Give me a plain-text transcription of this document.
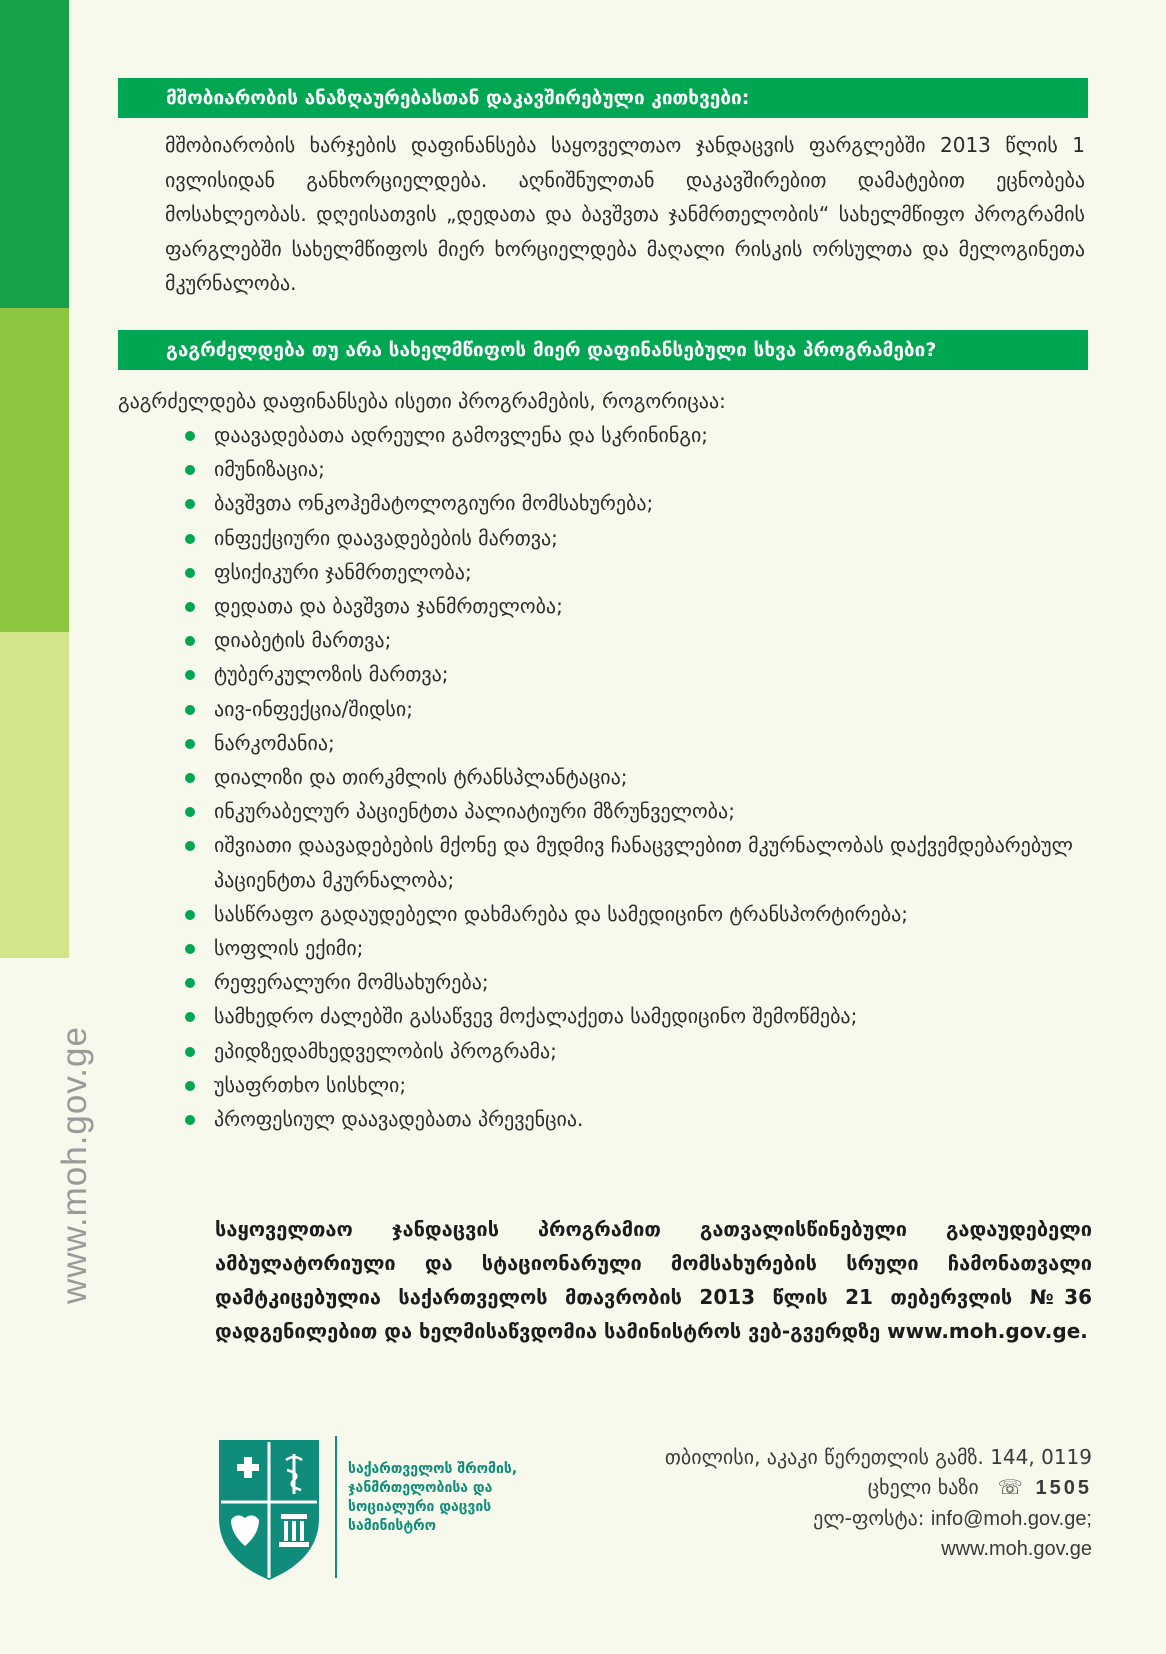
www.moh.gov.ge
მშობიარობის ანაზღაურებასთან დაკავშირებული კითხვები:
მშობიარობის ხარჯების დაფინანსება საყოველთაო ჯანდაცვის ფარგლებში 2013 წლის 1 ივლისიდან განხორციელდება. აღნიშნულთან დაკავშირებით დამატებით ეცნობება მოსახლეობას. დღეისათვის „დედათა და ბავშვთა ჯანმრთელობის“ სახელმწიფო პროგრამის ფარგლებში სახელმწიფოს მიერ ხორციელდება მაღალი რისკის ორსულთა და მელოგინეთა მკურნალობა.
გაგრძელდება თუ არა სახელმწიფოს მიერ დაფინანსებული სხვა პროგრამები?
გაგრძელდება დაფინანსება ისეთი პროგრამების, როგორიცაა:
დაავადებათა ადრეული გამოვლენა და სკრინინგი;
იმუნიზაცია;
ბავშვთა ონკოჰემატოლოგიური მომსახურება;
ინფექციური დაავადებების მართვა;
ფსიქიკური ჯანმრთელობა;
დედათა და ბავშვთა ჯანმრთელობა;
დიაბეტის მართვა;
ტუბერკულოზის მართვა;
აივ-ინფექცია/შიდსი;
ნარკომანია;
დიალიზი და თირკმლის ტრანსპლანტაცია;
ინკურაბელურ პაციენტთა პალიატიური მზრუნველობა;
იშვიათი დაავადებების მქონე და მუდმივ ჩანაცვლებით მკურნალობას დაქვემდებარებულ პაციენტთა მკურნალობა;
სასწრაფო გადაუდებელი დახმარება და სამედიცინო ტრანსპორტირება;
სოფლის ექიმი;
რეფერალური მომსახურება;
სამხედრო ძალებში გასაწვევ მოქალაქეთა სამედიცინო შემოწმება;
ეპიდზედამხედველობის პროგრამა;
უსაფრთხო სისხლი;
პროფესიულ დაავადებათა პრევენცია.
საყოველთაო ჯანდაცვის პროგრამით გათვალისწინებული გადაუდებელი ამბულატორიული და სტაციონარული მომსახურების სრული ჩამონათვალი დამტკიცებულია საქართველოს მთავრობის 2013 წლის 21 თებერვლის №36 დადგენილებით და ხელმისაწვდომია სამინისტროს ვებ-გვერდზე www.moh.gov.ge.
საქართველოს შრომის,
ჯანმრთელობისა და
სოციალური დაცვის
სამინისტრო
თბილისი, აკაკი წერეთლის გამზ. 144, 0119
ცხელი ხაზი   ☏  1505
ელ-ფოსტა: info@moh.gov.ge;
www.moh.gov.ge
